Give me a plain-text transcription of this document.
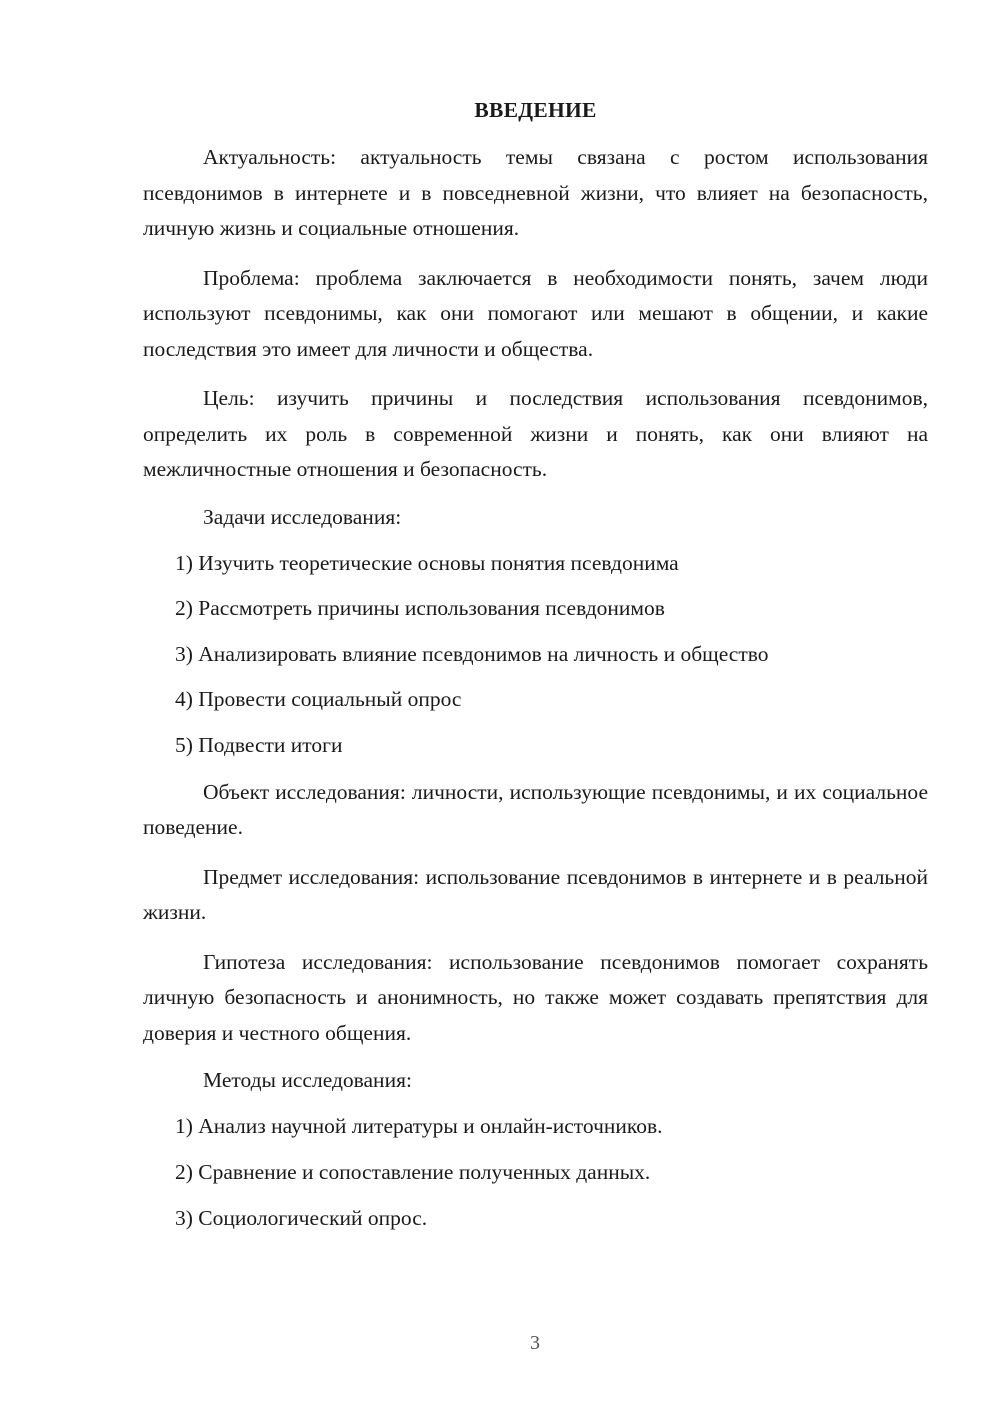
ВВЕДЕНИЕ

Актуальность: актуальность темы связана с ростом использования псевдонимов в интернете и в повседневной жизни, что влияет на безопасность, личную жизнь и социальные отношения.

Проблема: проблема заключается в необходимости понять, зачем люди используют псевдонимы, как они помогают или мешают в общении, и какие последствия это имеет для личности и общества.

Цель: изучить причины и последствия использования псевдонимов, определить их роль в современной жизни и понять, как они влияют на межличностные отношения и безопасность.

Задачи исследования:

1) Изучить теоретические основы понятия псевдонима
2) Рассмотреть причины использования псевдонимов
3) Анализировать влияние псевдонимов на личность и общество
4) Провести социальный опрос
5) Подвести итоги

Объект исследования: личности, использующие псевдонимы, и их социальное поведение.

Предмет исследования: использование псевдонимов в интернете и в реальной жизни.

Гипотеза исследования: использование псевдонимов помогает сохранять личную безопасность и анонимность, но также может создавать препятствия для доверия и честного общения.

Методы исследования:

1) Анализ научной литературы и онлайн-источников.
2) Сравнение и сопоставление полученных данных.
3) Социологический опрос.
3
